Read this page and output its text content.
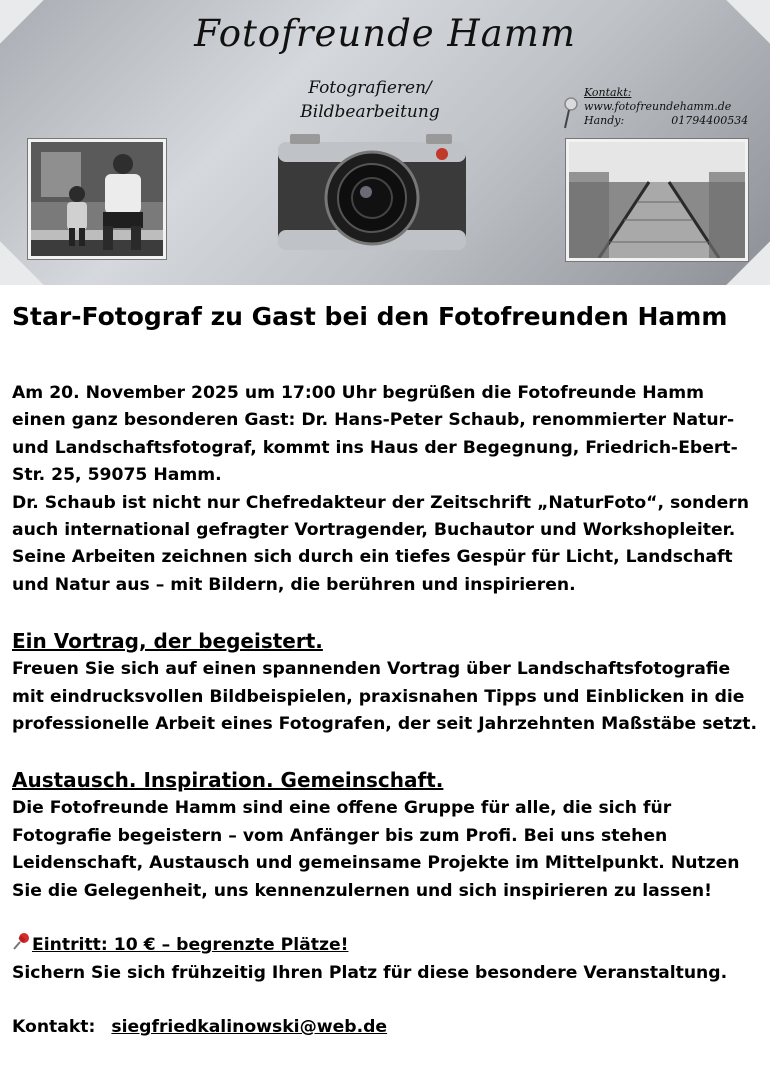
Fotofreunde Hamm
Fotografieren/
Bildbearbeitung
Kontakt:
www.fotofreundehamm.de
Handy:	01794400534
Star-Fotograf zu Gast bei den Fotofreunden Hamm

Am 20. November 2025 um 17:00 Uhr begrüßen die Fotofreunde Hamm einen ganz besonderen Gast: Dr. Hans-Peter Schaub, renommierter Natur- und Landschaftsfotograf, kommt ins Haus der Begegnung, Friedrich-Ebert-Str. 25, 59075 Hamm.

Dr. Schaub ist nicht nur Chefredakteur der Zeitschrift „NaturFoto“, sondern auch international gefragter Vortragender, Buchautor und Workshopleiter. Seine Arbeiten zeichnen sich durch ein tiefes Gespür für Licht, Landschaft und Natur aus – mit Bildern, die berühren und inspirieren.

Ein Vortrag, der begeistert.

Freuen Sie sich auf einen spannenden Vortrag über Landschaftsfotografie mit eindrucksvollen Bildbeispielen, praxisnahen Tipps und Einblicken in die professionelle Arbeit eines Fotografen, der seit Jahrzehnten Maßstäbe setzt.

Austausch. Inspiration. Gemeinschaft.

Die Fotofreunde Hamm sind eine offene Gruppe für alle, die sich für Fotografie begeistern – vom Anfänger bis zum Profi. Bei uns stehen Leidenschaft, Austausch und gemeinsame Projekte im Mittelpunkt. Nutzen Sie die Gelegenheit, uns kennenzulernen und sich inspirieren zu lassen!

Eintritt: 10 € – begrenzte Plätze!

Sichern Sie sich frühzeitig Ihren Platz für diese besondere Veranstaltung.

Kontakt: siegfriedkalinowski@web.de
